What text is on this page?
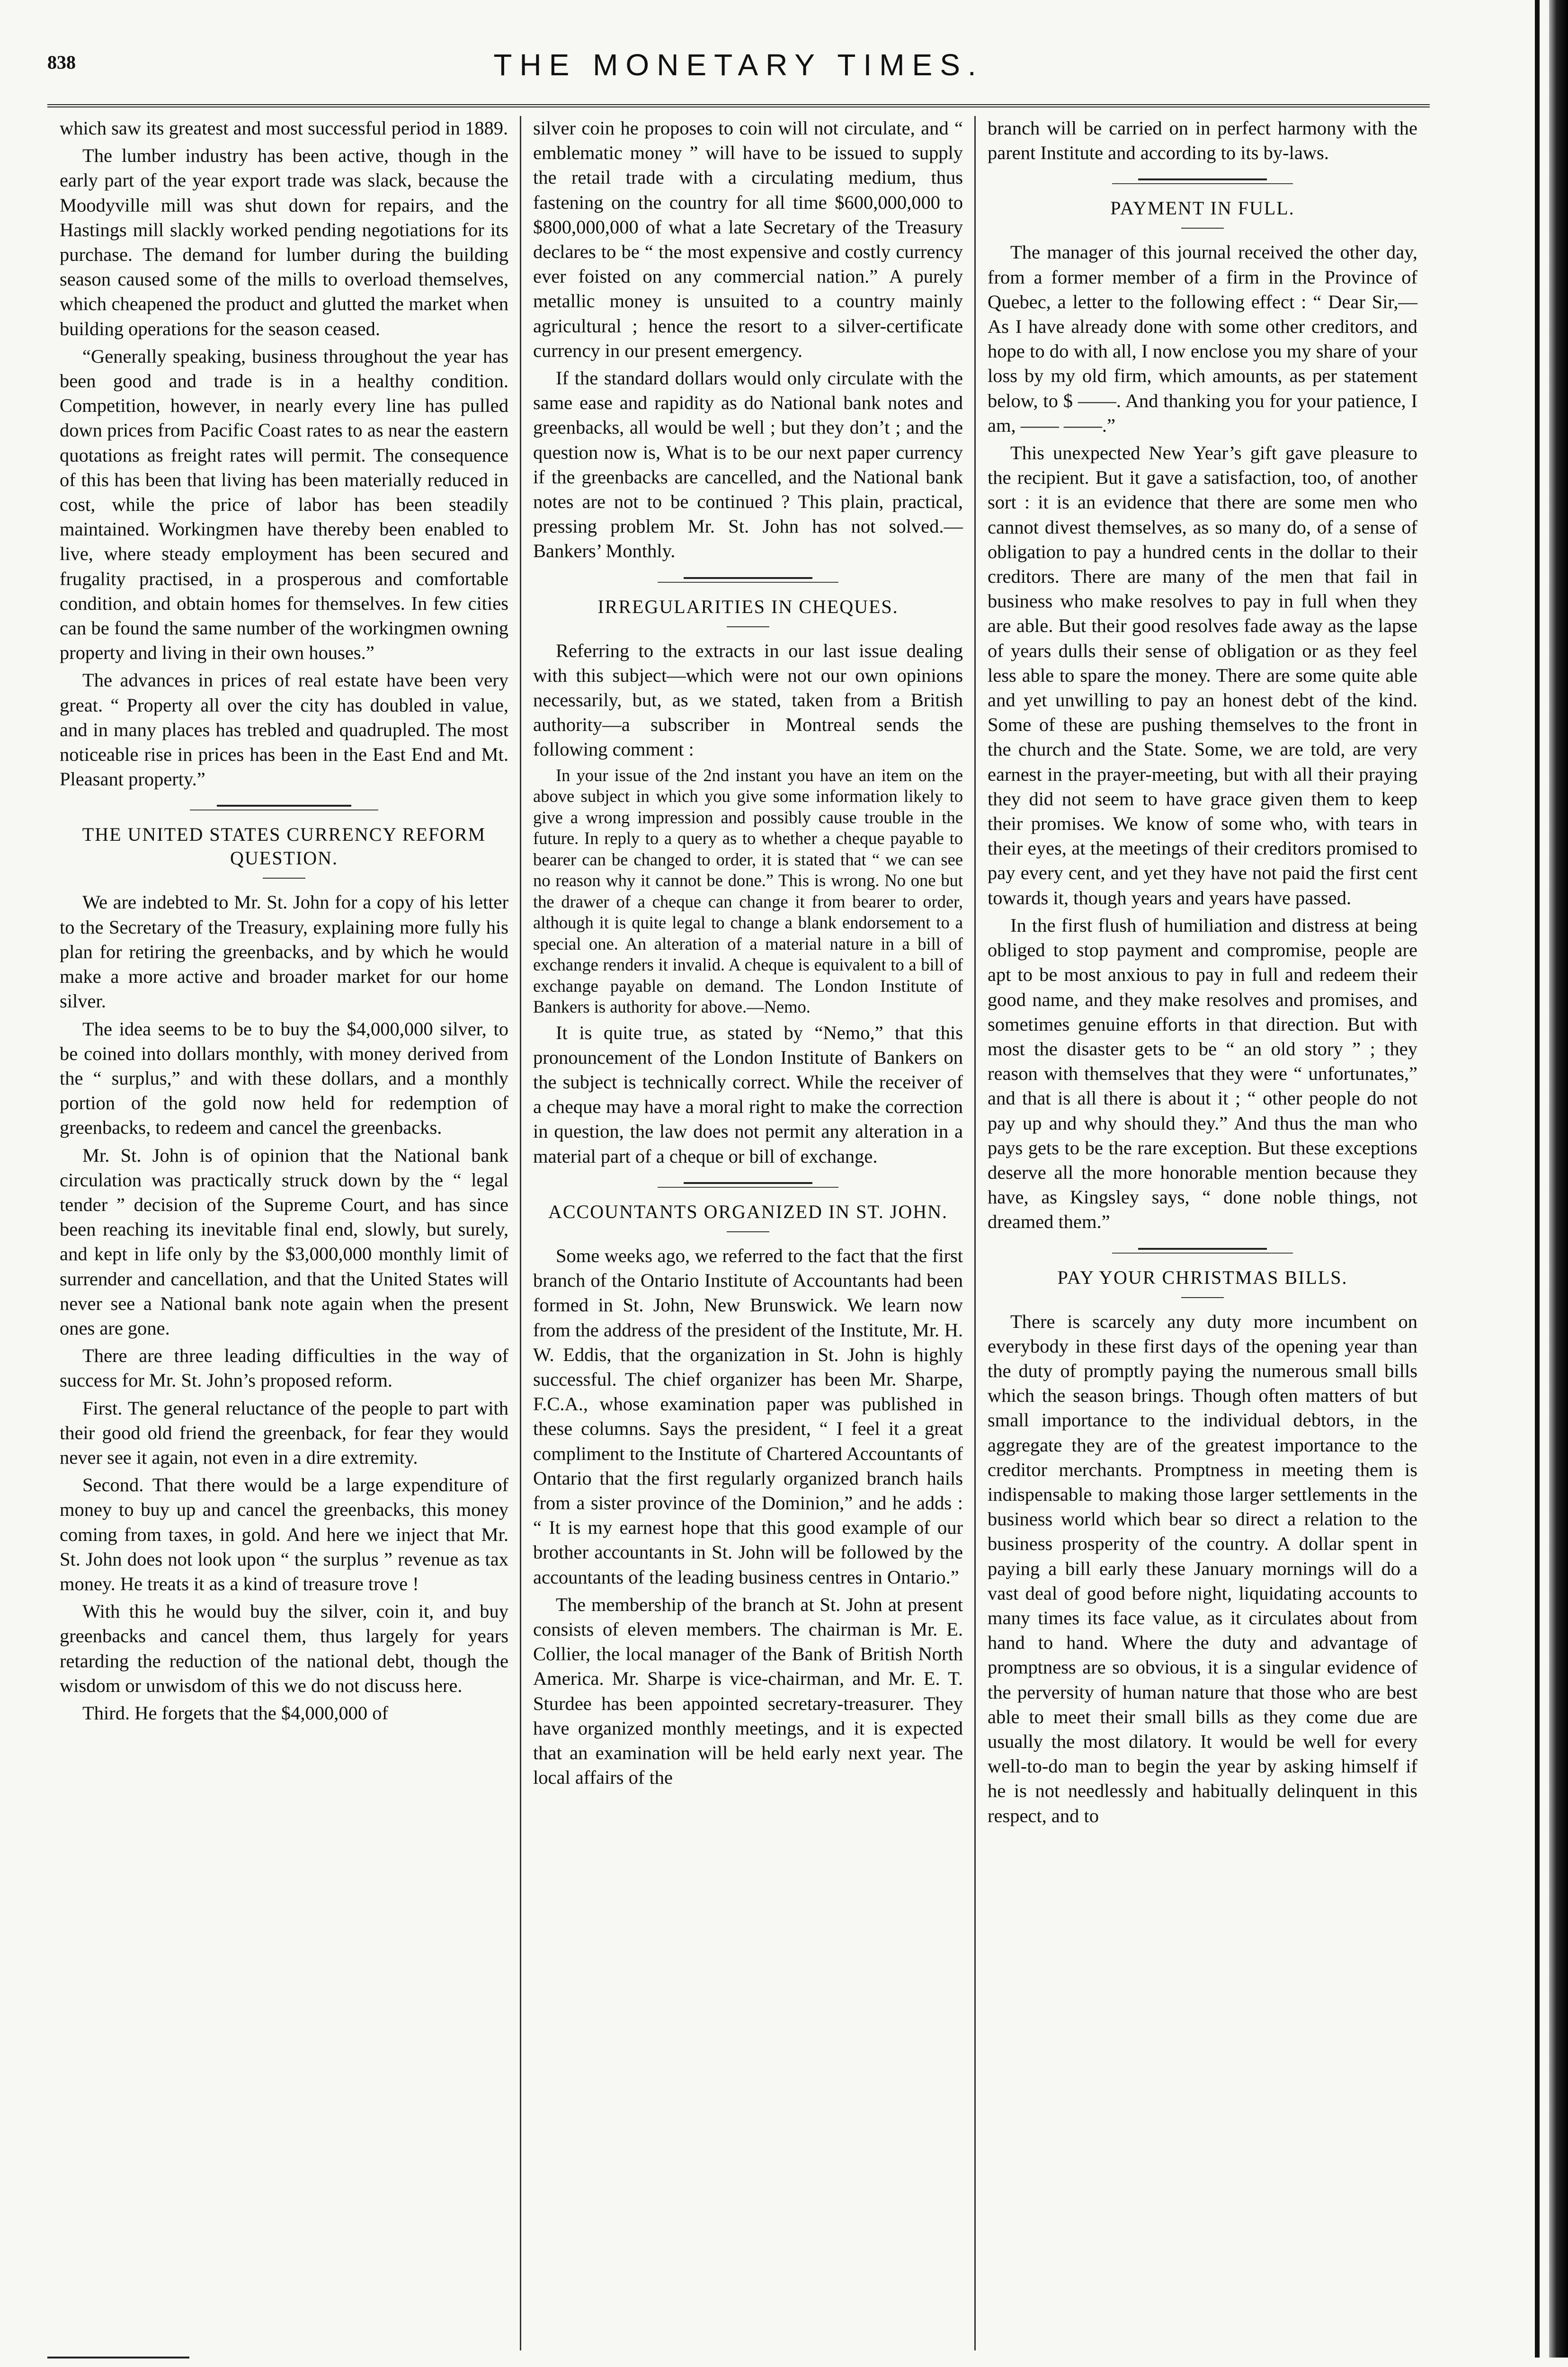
838	THE MONETARY TIMES.

which saw its greatest and most successful period in 1889.

The lumber industry has been active, though in the early part of the year export trade was slack, because the Moodyville mill was shut down for repairs, and the Hastings mill slackly worked pending negotiations for its purchase. The demand for lumber during the building season caused some of the mills to overload themselves, which cheapened the product and glutted the market when building operations for the season ceased.

“Generally speaking, business throughout the year has been good and trade is in a healthy condition. Competition, however, in nearly every line has pulled down prices from Pacific Coast rates to as near the eastern quotations as freight rates will permit. The consequence of this has been that living has been materially reduced in cost, while the price of labor has been steadily maintained. Workingmen have thereby been enabled to live, where steady employment has been secured and frugality practised, in a prosperous and comfortable condition, and obtain homes for themselves. In few cities can be found the same number of the workingmen owning property and living in their own houses.”

The advances in prices of real estate have been very great. “ Property all over the city has doubled in value, and in many places has trebled and quadrupled. The most noticeable rise in prices has been in the East End and Mt. Pleasant property.”

THE UNITED STATES CURRENCY REFORM QUESTION.

We are indebted to Mr. St. John for a copy of his letter to the Secretary of the Treasury, explaining more fully his plan for retiring the greenbacks, and by which he would make a more active and broader market for our home silver.

The idea seems to be to buy the $4,000,000 silver, to be coined into dollars monthly, with money derived from the “ surplus,” and with these dollars, and a monthly portion of the gold now held for redemption of greenbacks, to redeem and cancel the greenbacks.

Mr. St. John is of opinion that the National bank circulation was practically struck down by the “ legal tender ” decision of the Supreme Court, and has since been reaching its inevitable final end, slowly, but surely, and kept in life only by the $3,000,000 monthly limit of surrender and cancellation, and that the United States will never see a National bank note again when the present ones are gone.

There are three leading difficulties in the way of success for Mr. St. John’s proposed reform.

First. The general reluctance of the people to part with their good old friend the greenback, for fear they would never see it again, not even in a dire extremity.

Second. That there would be a large expenditure of money to buy up and cancel the greenbacks, this money coming from taxes, in gold. And here we inject that Mr. St. John does not look upon “ the surplus ” revenue as tax money. He treats it as a kind of treasure trove !

With this he would buy the silver, coin it, and buy greenbacks and cancel them, thus largely for years retarding the reduction of the national debt, though the wisdom or unwisdom of this we do not discuss here.

Third. He forgets that the $4,000,000 of

silver coin he proposes to coin will not circulate, and “ emblematic money ” will have to be issued to supply the retail trade with a circulating medium, thus fastening on the country for all time $600,000,000 to $800,000,000 of what a late Secretary of the Treasury declares to be “ the most expensive and costly currency ever foisted on any commercial nation.” A purely metallic money is unsuited to a country mainly agricultural ; hence the resort to a silver-certificate currency in our present emergency.

If the standard dollars would only circulate with the same ease and rapidity as do National bank notes and greenbacks, all would be well ; but they don’t ; and the question now is, What is to be our next paper currency if the greenbacks are cancelled, and the National bank notes are not to be continued ? This plain, practical, pressing problem Mr. St. John has not solved.—Bankers’ Monthly.

IRREGULARITIES IN CHEQUES.

Referring to the extracts in our last issue dealing with this subject—which were not our own opinions necessarily, but, as we stated, taken from a British authority—a subscriber in Montreal sends the following comment :

In your issue of the 2nd instant you have an item on the above subject in which you give some information likely to give a wrong impression and possibly cause trouble in the future. In reply to a query as to whether a cheque payable to bearer can be changed to order, it is stated that “ we can see no reason why it cannot be done.” This is wrong. No one but the drawer of a cheque can change it from bearer to order, although it is quite legal to change a blank endorsement to a special one. An alteration of a material nature in a bill of exchange renders it invalid. A cheque is equivalent to a bill of exchange payable on demand. The London Institute of Bankers is authority for above.—Nemo.

It is quite true, as stated by “Nemo,” that this pronouncement of the London Institute of Bankers on the subject is technically correct. While the receiver of a cheque may have a moral right to make the correction in question, the law does not permit any alteration in a material part of a cheque or bill of exchange.

ACCOUNTANTS ORGANIZED IN ST. JOHN.

Some weeks ago, we referred to the fact that the first branch of the Ontario Institute of Accountants had been formed in St. John, New Brunswick. We learn now from the address of the president of the Institute, Mr. H. W. Eddis, that the organization in St. John is highly successful. The chief organizer has been Mr. Sharpe, F.C.A., whose examination paper was published in these columns. Says the president, “ I feel it a great compliment to the Institute of Chartered Accountants of Ontario that the first regularly organized branch hails from a sister province of the Dominion,” and he adds : “ It is my earnest hope that this good example of our brother accountants in St. John will be followed by the accountants of the leading business centres in Ontario.”

The membership of the branch at St. John at present consists of eleven members. The chairman is Mr. E. Collier, the local manager of the Bank of British North America. Mr. Sharpe is vice-chairman, and Mr. E. T. Sturdee has been appointed secretary-treasurer. They have organized monthly meetings, and it is expected that an examination will be held early next year. The local affairs of the

branch will be carried on in perfect harmony with the parent Institute and according to its by-laws.

PAYMENT IN FULL.

The manager of this journal received the other day, from a former member of a firm in the Province of Quebec, a letter to the following effect : “ Dear Sir,—As I have already done with some other creditors, and hope to do with all, I now enclose you my share of your loss by my old firm, which amounts, as per statement below, to $ ——. And thanking you for your patience, I am, —— ——.”

This unexpected New Year’s gift gave pleasure to the recipient. But it gave a satisfaction, too, of another sort : it is an evidence that there are some men who cannot divest themselves, as so many do, of a sense of obligation to pay a hundred cents in the dollar to their creditors. There are many of the men that fail in business who make resolves to pay in full when they are able. But their good resolves fade away as the lapse of years dulls their sense of obligation or as they feel less able to spare the money. There are some quite able and yet unwilling to pay an honest debt of the kind. Some of these are pushing themselves to the front in the church and the State. Some, we are told, are very earnest in the prayer-meeting, but with all their praying they did not seem to have grace given them to keep their promises. We know of some who, with tears in their eyes, at the meetings of their creditors promised to pay every cent, and yet they have not paid the first cent towards it, though years and years have passed.

In the first flush of humiliation and distress at being obliged to stop payment and compromise, people are apt to be most anxious to pay in full and redeem their good name, and they make resolves and promises, and sometimes genuine efforts in that direction. But with most the disaster gets to be “ an old story ” ; they reason with themselves that they were “ unfortunates,” and that is all there is about it ; “ other people do not pay up and why should they.” And thus the man who pays gets to be the rare exception. But these exceptions deserve all the more honorable mention because they have, as Kingsley says, “ done noble things, not dreamed them.”

PAY YOUR CHRISTMAS BILLS.

There is scarcely any duty more incumbent on everybody in these first days of the opening year than the duty of promptly paying the numerous small bills which the season brings. Though often matters of but small importance to the individual debtors, in the aggregate they are of the greatest importance to the creditor merchants. Promptness in meeting them is indispensable to making those larger settlements in the business world which bear so direct a relation to the business prosperity of the country. A dollar spent in paying a bill early these January mornings will do a vast deal of good before night, liquidating accounts to many times its face value, as it circulates about from hand to hand. Where the duty and advantage of promptness are so obvious, it is a singular evidence of the perversity of human nature that those who are best able to meet their small bills as they come due are usually the most dilatory. It would be well for every well-to-do man to begin the year by asking himself if he is not needlessly and habitually delinquent in this respect, and to
